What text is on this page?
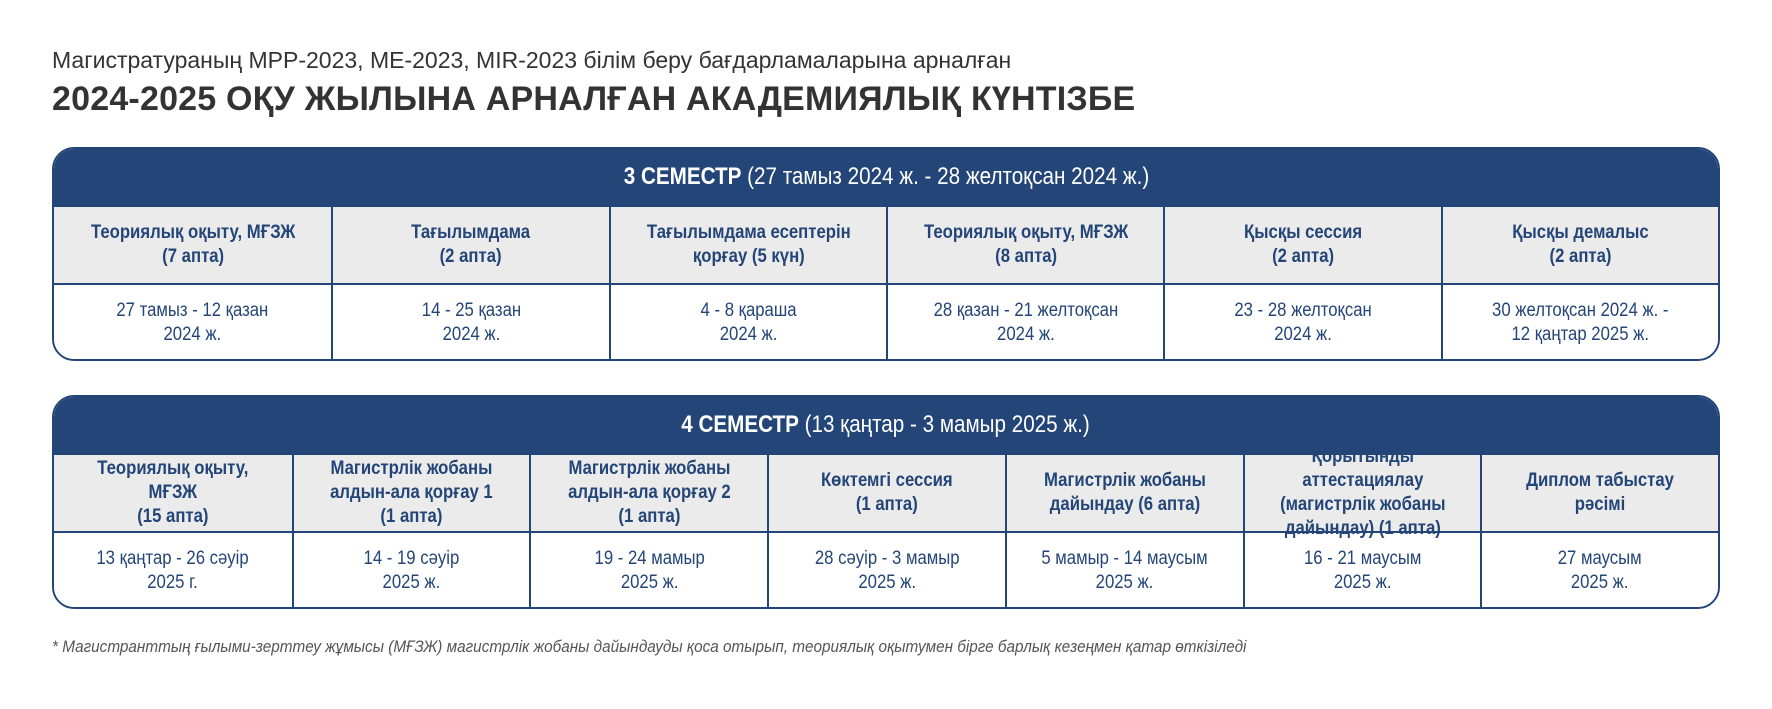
Магистратураның MPP-2023, ME-2023, MIR-2023 білім беру бағдарламаларына арналған
2024-2025 ОҚУ ЖЫЛЫНА АРНАЛҒАН АКАДЕМИЯЛЫҚ КҮНТІЗБЕ
3 СЕМЕСТР (27 тамыз 2024 ж. - 28 желтоқсан 2024 ж.)
Теориялық оқыту, МҒЗЖ
(7 апта)
Тағылымдама
(2 апта)
Тағылымдама есептерін
қорғау (5 күн)
Теориялық оқыту, МҒЗЖ
(8 апта)
Қысқы сессия
(2 апта)
Қысқы демалыс
(2 апта)
27 тамыз - 12 қазан
2024 ж.
14 - 25 қазан
2024 ж.
4 - 8 қараша
2024 ж.
28 қазан - 21 желтоқсан
2024 ж.
23 - 28 желтоқсан
2024 ж.
30 желтоқсан 2024 ж. -
12 қаңтар 2025 ж.
4 СЕМЕСТР (13 қаңтар - 3 мамыр 2025 ж.)
Теориялық оқыту, МҒЗЖ
(15 апта)
Магистрлік жобаны
алдын-ала қорғау 1
(1 апта)
Магистрлік жобаны
алдын-ала қорғау 2
(1 апта)
Көктемгі сессия
(1 апта)
Магистрлік жобаны
дайындау (6 апта)
Қорытынды аттестациялау
(магистрлік жобаны
дайындау) (1 апта)
Диплом табыстау
рәсімі
13 қаңтар - 26 сәуір
2025 г.
14 - 19 сәуір
2025 ж.
19 - 24 мамыр
2025 ж.
28 сәуір - 3 мамыр
2025 ж.
5 мамыр - 14 маусым
2025 ж.
16 - 21 маусым
2025 ж.
27 маусым
2025 ж.
* Магистранттың ғылыми-зерттеу жұмысы (МҒЗЖ) магистрлік жобаны дайындауды қоса отырып, теориялық оқытумен бірге барлық кезеңмен қатар өткізіледі
